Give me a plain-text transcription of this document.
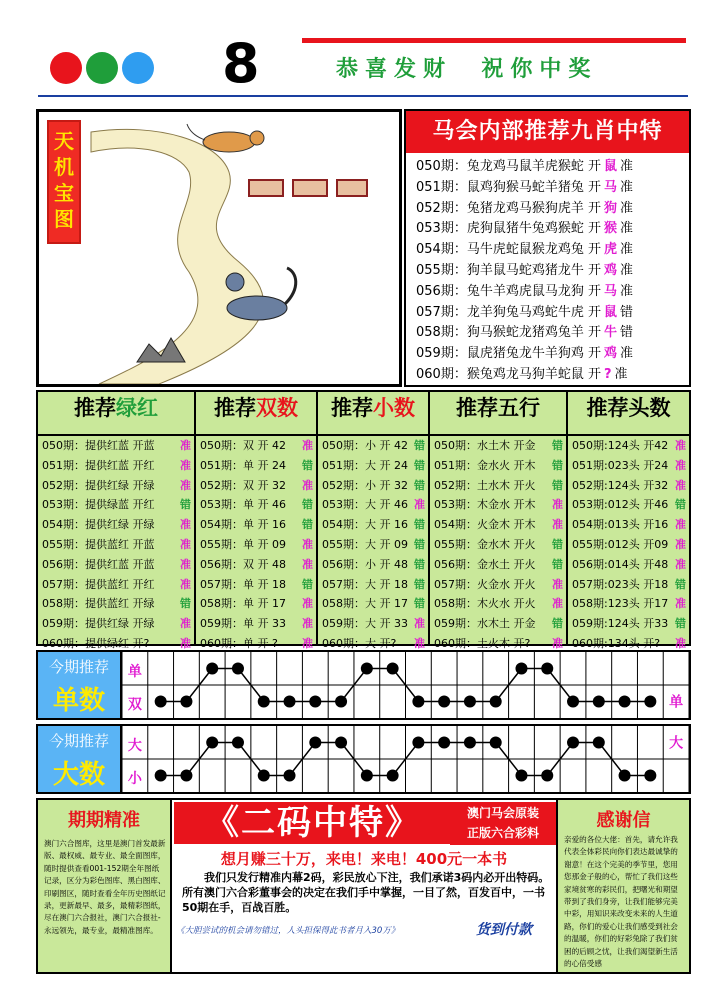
8	恭喜发财  祝你中奖
天机宝图
马会内部推荐九肖中特
050期：兔龙鸡马鼠羊虎猴蛇 开 鼠 准
051期：鼠鸡狗猴马蛇羊猪兔 开 马 准
052期：兔猪龙鸡马猴狗虎羊 开 狗 准
053期：虎狗鼠猪牛兔鸡猴蛇 开 猴 准
054期：马牛虎蛇鼠猴龙鸡兔 开 虎 准
055期：狗羊鼠马蛇鸡猪龙牛 开 鸡 准
056期：兔牛羊鸡虎鼠马龙狗 开 马 准
057期：龙羊狗兔马鸡蛇牛虎 开 鼠 错
058期：狗马猴蛇龙猪鸡兔羊 开 牛 错
059期：鼠虎猪兔龙牛羊狗鸡 开 鸡 准
060期：猴兔鸡龙马狗羊蛇鼠 开 ? 准
推荐绿红
050期：提供红蓝 开蓝 准
051期：提供红蓝 开红 准
052期：提供红绿 开绿 准
053期：提供绿蓝 开红 错
054期：提供红绿 开绿 准
055期：提供蓝红 开蓝 准
056期：提供红蓝 开蓝 准
057期：提供蓝红 开红 准
058期：提供蓝红 开绿 错
059期：提供红绿 开绿 准
060期：提供绿红 开?	准
推荐双数
050期：双 开 42 准
051期：单 开 24 错
052期：双 开 32 准
053期：单 开 46 错
054期：单 开 16 错
055期：单 开 09 准
056期：双 开 48 准
057期：单 开 18 错
058期：单 开 17 准
059期：单 开 33 准
060期：单 开 ? 准
推荐小数
050期：小 开 42 错
051期：大 开 24 错
052期：小 开 32 错
053期：大 开 46 准
054期：大 开 16 错
055期：大 开 09 错
056期：小 开 48 错
057期：大 开 18 错
058期：大 开 17 错
059期：大 开 33 准
060期：大 开? 准
推荐五行
050期：水土木 开金 错
051期：金水火 开木 错
052期：土水木 开火 错
053期：木金水 开木 准
054期：火金木 开木 准
055期：金水木 开火 错
056期：金水土 开火 错
057期：火金水 开火 准
058期：木火水 开火 准
059期：水木土 开金 错
060期：土火木 开? 准
推荐头数
050期:124头 开42 准
051期:023头 开24 准
052期:124头 开32 准
053期:012头 开46 错
054期:013头 开16 准
055期:012头 开09 准
056期:014头 开48 准
057期:023头 开18 错
058期:123头 开17 准
059期:124头 开33 错
060期:134头 开? 准
今期推荐
单数
单
双	单
今期推荐
大数
大
小
大
期期精准
澳门六合图库，这里是澳门首发最新版、最权威、最专业、最全面图库，随时提供查看001-152期全年图纸记录，区分为彩色图库、黑白图库、印刷图区，随时查看全年历史图纸记录，更新最早、最多，最精彩图纸，尽在澳门六合报社，澳门六合报社-永远领先，最专业，最精准图库。
《二码中特》	澳门马会原装
正版六合彩料
想月赚三十万，来电！来电！400元一本书
我们只发行精准内幕2码，彩民放心下注，我们承诺3码内必开出特码。所有澳门六合彩董事会的决定在我们手中掌握，一目了然，百发百中，一书50期在手，百战百胜。
《大胆尝试的机会请勿错过，人头担保得此书者月入30万》	货到付款
感谢信
亲爱的各位大佬：首先，请允许我代表全体彩民向你们表达最诚挚的谢意！在这个完美的季节里，您用您那金子般的心，帮忙了我们这些家境贫寒的彩民们，把曙光和期望带到了我们身旁，让我们能够完美中彩，用知识来改变未来的人生道路，你们的爱心让我们感受到社会的温暖，你们的好彩兔除了我们贫困的后顾之忧，让我们渴望新生活的心倍受感
